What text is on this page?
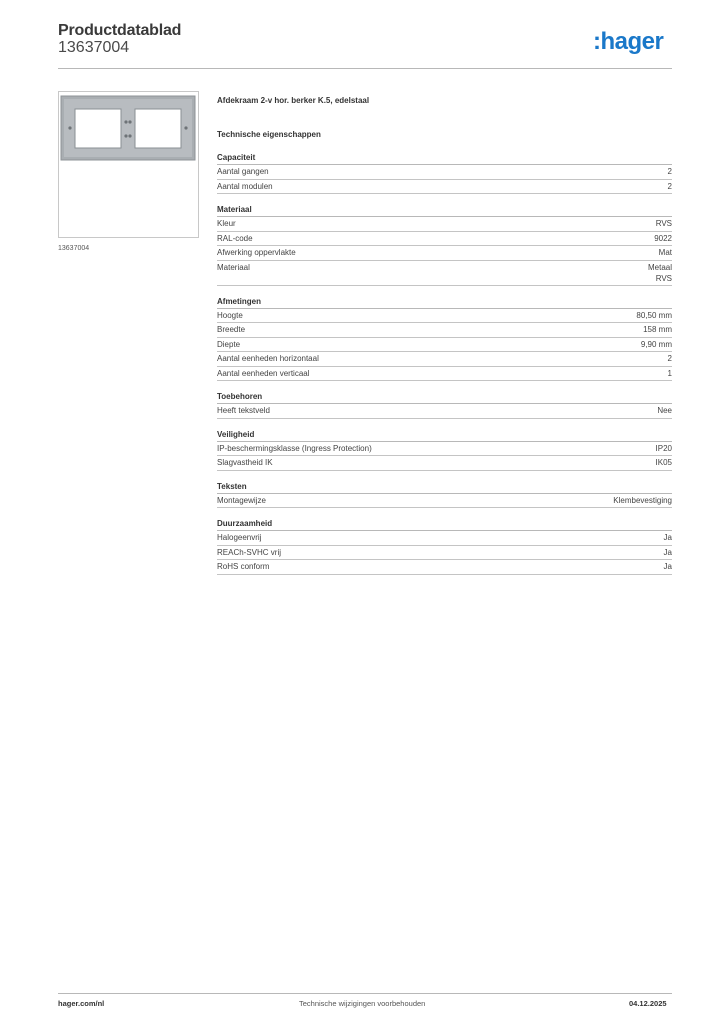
Productdatablad
13637004	:hager
13637004
Afdekraam 2-v hor. berker K.5, edelstaal
Technische eigenschappen
Capaciteit
Aantal gangen	2
Aantal modulen	2
Materiaal
Kleur	RVS
RAL-code	9022
Afwerking oppervlakte	Mat
Materiaal	Metaal
RVS
Afmetingen
Hoogte	80,50 mm
Breedte	158 mm
Diepte	9,90 mm
Aantal eenheden horizontaal	2
Aantal eenheden verticaal	1
Toebehoren
Heeft tekstveld	Nee
Veiligheid
IP-beschermingsklasse (Ingress Protection)	IP20
Slagvastheid IK	IK05
Teksten
Montagewijze	Klembevestiging
Duurzaamheid
Halogeenvrij	Ja
REACh-SVHC vrij	Ja
RoHS conform	Ja
hager.com/nl	Technische wijzigingen voorbehouden	04.12.2025
